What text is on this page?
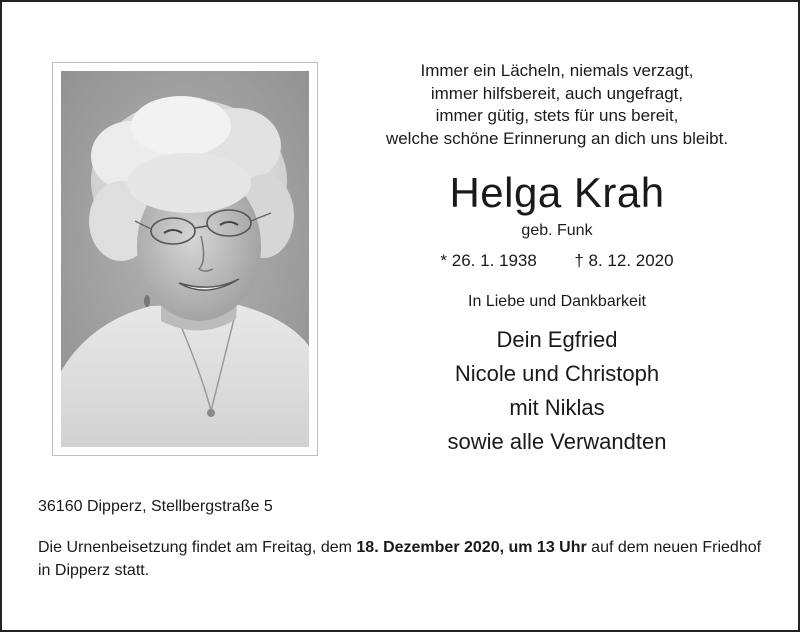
Immer ein Lächeln, niemals verzagt,
immer hilfsbereit, auch ungefragt,
immer gütig, stets für uns bereit,
welche schöne Erinnerung an dich uns bleibt.
Helga Krah
geb. Funk
* 26. 1. 1938 † 8. 12. 2020
In Liebe und Dankbarkeit
Dein Egfried
Nicole und Christoph
mit Niklas
sowie alle Verwandten
36160 Dipperz, Stellbergstraße 5
Die Urnenbeisetzung findet am Freitag, dem 18. Dezember 2020, um 13 Uhr auf dem neuen Friedhof in Dipperz statt.
